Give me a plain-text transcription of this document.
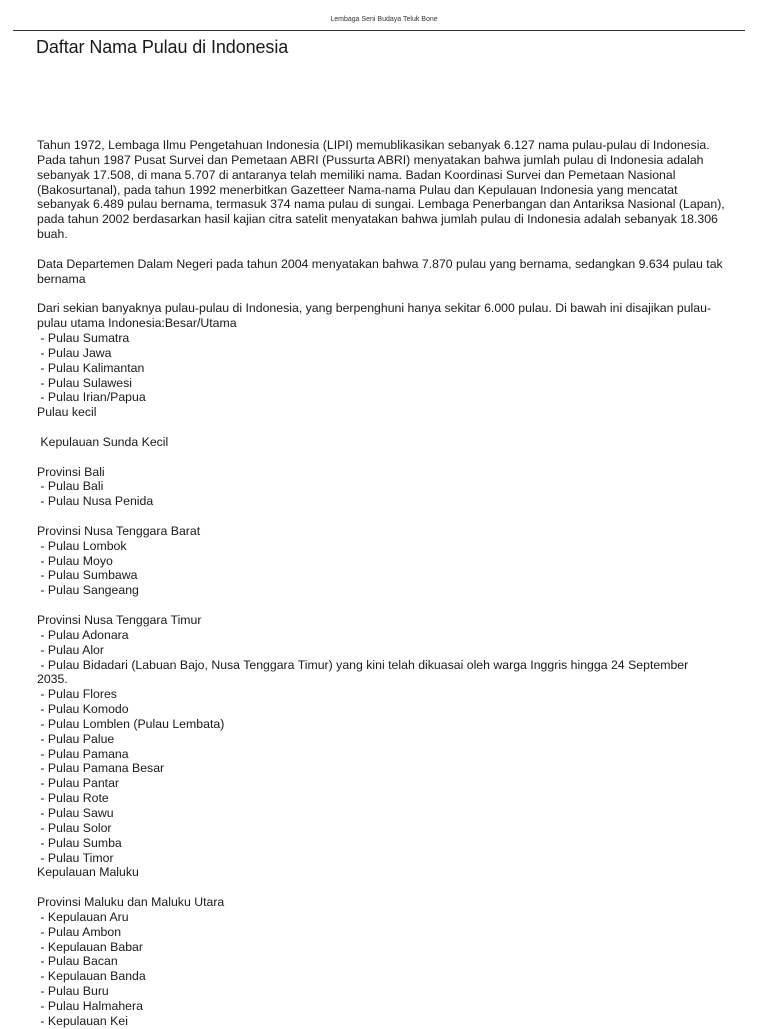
Lembaga Seni Budaya Teluk Bone
Daftar Nama Pulau di Indonesia

Tahun 1972, Lembaga Ilmu Pengetahuan Indonesia (LIPI) memublikasikan sebanyak 6.127 nama pulau-pulau di Indonesia. Pada tahun 1987 Pusat Survei dan Pemetaan ABRI (Pussurta ABRI) menyatakan bahwa jumlah pulau di Indonesia adalah sebanyak 17.508, di mana 5.707 di antaranya telah memiliki nama. Badan Koordinasi Survei dan Pemetaan Nasional (Bakosurtanal), pada tahun 1992 menerbitkan Gazetteer Nama-nama Pulau dan Kepulauan Indonesia yang mencatat sebanyak 6.489 pulau bernama, termasuk 374 nama pulau di sungai. Lembaga Penerbangan dan Antariksa Nasional (Lapan), pada tahun 2002 berdasarkan hasil kajian citra satelit menyatakan bahwa jumlah pulau di Indonesia adalah sebanyak 18.306 buah.

Data Departemen Dalam Negeri pada tahun 2004 menyatakan bahwa 7.870 pulau yang bernama, sedangkan 9.634 pulau tak bernama

Dari sekian banyaknya pulau-pulau di Indonesia, yang berpenghuni hanya sekitar 6.000 pulau. Di bawah ini disajikan pulau-pulau utama Indonesia:Besar/Utama
- Pulau Sumatra
- Pulau Jawa
- Pulau Kalimantan
- Pulau Sulawesi
- Pulau Irian/Papua
Pulau kecil
Kepulauan Sunda Kecil
Provinsi Bali
- Pulau Bali
- Pulau Nusa Penida
Provinsi Nusa Tenggara Barat
- Pulau Lombok
- Pulau Moyo
- Pulau Sumbawa
- Pulau Sangeang
Provinsi Nusa Tenggara Timur
- Pulau Adonara
- Pulau Alor
- Pulau Bidadari (Labuan Bajo, Nusa Tenggara Timur) yang kini telah dikuasai oleh warga Inggris hingga 24 September
2035.
- Pulau Flores
- Pulau Komodo
- Pulau Lomblen (Pulau Lembata)
- Pulau Palue
- Pulau Pamana
- Pulau Pamana Besar
- Pulau Pantar
- Pulau Rote
- Pulau Sawu
- Pulau Solor
- Pulau Sumba
- Pulau Timor
Kepulauan Maluku
Provinsi Maluku dan Maluku Utara
- Kepulauan Aru
- Pulau Ambon
- Kepulauan Babar
- Pulau Bacan
- Kepulauan Banda
- Pulau Buru
- Pulau Halmahera
- Kepulauan Kei
